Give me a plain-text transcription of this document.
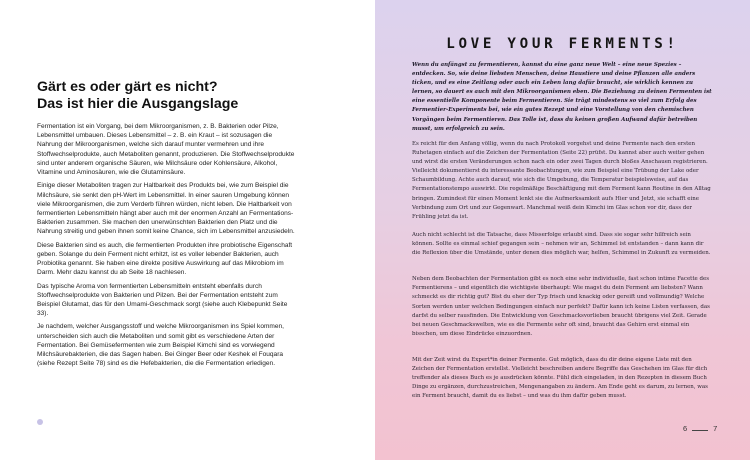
Gärt es oder gärt es nicht?
Das ist hier die Ausgangslage

Fermentation ist ein Vorgang, bei dem Mikroorganismen, z. B. Bakterien oder Pilze, Lebensmittel umbauen. Dieses Lebensmittel – z. B. ein Kraut – ist sozusagen die Nahrung der Mikroorganismen, welche sich darauf munter vermehren und ihre Stoffwechselprodukte, auch Metaboliten genannt, produzieren. Die Stoffwechselprodukte sind unter anderem organische Säuren, wie Milchsäure oder Kohlensäure, Alkohol, Vitamine und Aminosäuren, wie die Glutaminsäure.

Einige dieser Metaboliten tragen zur Haltbarkeit des Produkts bei, wie zum Beispiel die Milchsäure, sie senkt den pH-Wert im Lebensmittel. In einer sauren Umgebung können viele Mikroorganismen, die zum Verderb führen würden, nicht leben. Die Haltbarkeit von fermentierten Lebensmitteln hängt aber auch mit der enormen Anzahl an Fermentations-Bakterien zusammen. Sie machen den unerwünschten Bakterien den Platz und die Nahrung streitig und geben ihnen somit keine Chance, sich im Lebensmittel anzusiedeln.

Diese Bakterien sind es auch, die fermentierten Produkten ihre probiotische Eigenschaft geben. Solange du dein Ferment nicht erhitzt, ist es voller lebender Bakterien, auch Probiotika genannt. Sie haben eine direkte positive Auswirkung auf das Mikrobiom im Darm. Mehr dazu kannst du ab Seite 18 nachlesen.

Das typische Aroma von fermentierten Lebensmitteln entsteht ebenfalls durch Stoffwechselprodukte von Bakterien und Pilzen. Bei der Fermentation entsteht zum Beispiel Glutamat, das für den Umami-Geschmack sorgt (siehe auch Klebepunkt Seite 33).

Je nachdem, welcher Ausgangsstoff und welche Mikroorganismen ins Spiel kommen, unterscheiden sich auch die Metaboliten und somit gibt es verschiedene Arten der Fermentation. Bei Gemüsefermenten wie zum Beispiel Kimchi sind es vorwiegend Milchsäurebakterien, die das Sagen haben. Bei Ginger Beer oder Keshek el Fouqara (siehe Rezept Seite 78) sind es die Hefebakterien, die die Fermentation erledigen.

LOVE YOUR FERMENTS!
Wenn du anfängst zu fermentieren, kannst du eine ganz neue Welt – eine neue Spezies – entdecken. So, wie deine liebsten Menschen, deine Haustiere und deine Pflanzen alle anders ticken, und es eine Zeitlang oder auch ein Leben lang dafür braucht, sie wirklich kennen zu lernen, so dauert es auch mit den Mikroorganismen eben. Die Beziehung zu deinen Fermenten ist eine essentielle Komponente beim Fermentieren. Sie trägt mindestens so viel zum Erfolg des Fermentier-Experiments bei, wie ein gutes Rezept und eine Vorstellung von den chemischen Vorgängen beim Fermentieren. Das Tolle ist, dass du keinen großen Aufwand dafür betreiben musst, um erfolgreich zu sein.

Es reicht für den Anfang völlig, wenn du nach Protokoll vorgehst und deine Fermente nach den ersten Ruhetagen einfach auf die Zeichen der Fermentation (Seite 22) prüfst. Du kannst aber auch weiter gehen und wirst die ersten Veränderungen schon nach ein oder zwei Tagen durch bloßes Anschauen registrieren. Vielleicht dokumentierst du interessante Beobachtungen, wie zum Beispiel eine Trübung der Lake oder Schaumbildung. Achte auch darauf, wie sich die Umgebung, die Temperatur beispielsweise, auf das Fermentationstempo auswirkt. Die regelmäßige Beschäftigung mit dem Ferment kann Routine in den Alltag bringen. Zumindest für einen Moment lenkt sie die Aufmerksamkeit aufs Hier und Jetzt, sie schafft eine Verbindung zum Ort und zur Gegenwart. Manchmal weiß dein Kimchi im Glas schon vor dir, dass der Frühling jetzt da ist.

Auch nicht schlecht ist die Tatsache, dass Misserfolge erlaubt sind. Dass sie sogar sehr hilfreich sein können. Sollte es einmal schief gegangen sein – nehmen wir an, Schimmel ist entstanden – dann kann dir die Reflexion über die Umstände, unter denen dies möglich war, helfen, Schimmel in Zukunft zu vermeiden.

Neben dem Beobachten der Fermentation gibt es noch eine sehr individuelle, fast schon intime Facette des Fermentierens – und eigentlich die wichtigste überhaupt: Wie magst du dein Ferment am liebsten? Wann schmeckt es dir richtig gut? Bist du eher der Typ frisch und knackig oder gereift und vollmundig? Welche Sorten werden unter welchen Bedingungen einfach nur perfekt? Dafür kann ich keine Listen verfassen, das darfst du selber rausfinden. Die Entwicklung von Geschmacksvorlieben braucht übrigens viel Zeit. Gerade bei neuen Geschmackswelten, wie es die Fermente sehr oft sind, braucht das Gehirn erst einmal ein bisschen, um diese Eindrücke einzuordnen.

Mit der Zeit wirst du Expert*in deiner Fermente. Gut möglich, dass du dir deine eigene Liste mit den Zeichen der Fermentation erstellst. Vielleicht beschreiben andere Begriffe das Geschehen im Glas für dich treffender als dieses Buch es je ausdrücken könnte. Fühl dich eingeladen, in den Rezepten in diesem Buch Dinge zu ergänzen, durchzustreichen, Mengenangaben zu ändern. Am Ende geht es darum, zu lernen, was ein Ferment braucht, damit du es liebst – und was du ihm dafür geben musst.

6	7
